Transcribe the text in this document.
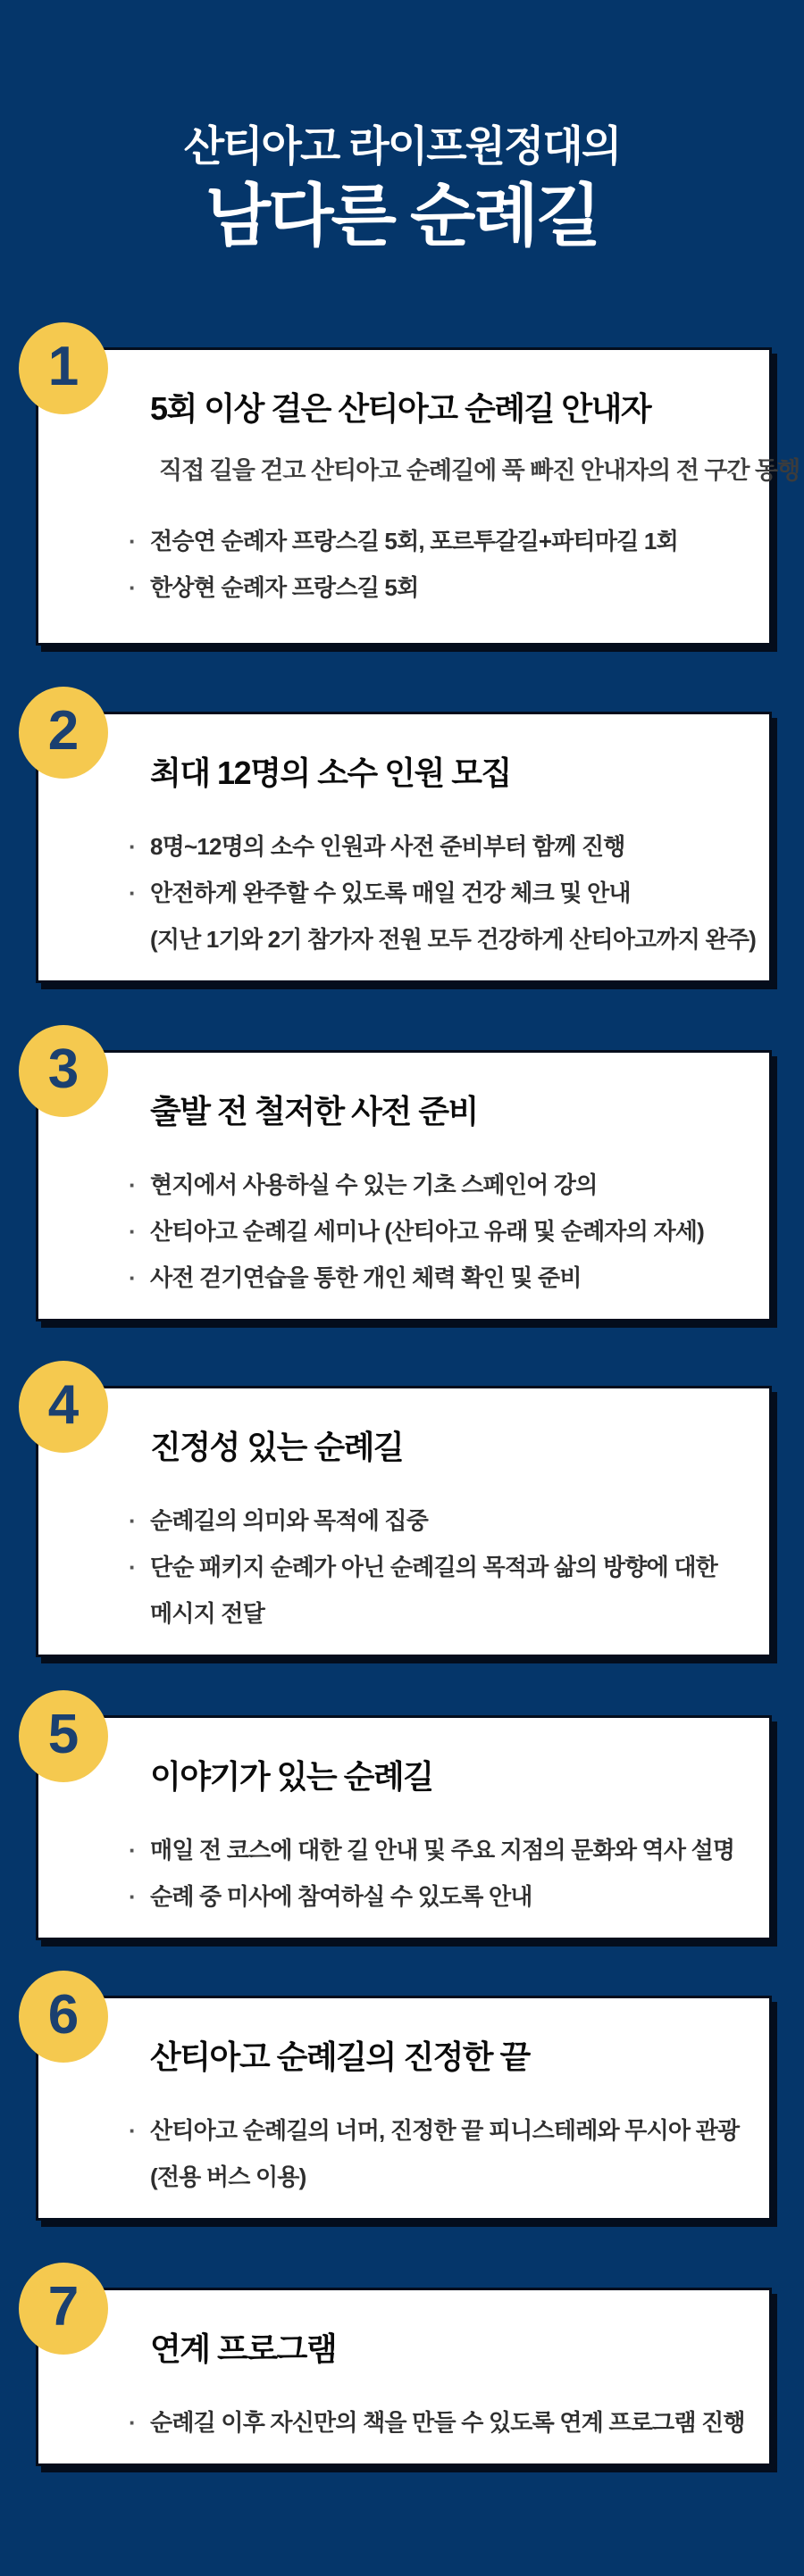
산티아고 라이프원정대의
남다른 순례길
1
5회 이상 걸은 산티아고 순례길 안내자

직접 길을 걷고 산티아고 순례길에 푹 빠진 안내자의 전 구간 동행

· 전승연 순례자 프랑스길 5회, 포르투갈길+파티마길 1회
· 한상현 순례자 프랑스길 5회
2
최대 12명의 소수 인원 모집
· 8명~12명의 소수 인원과 사전 준비부터 함께 진행
· 안전하게 완주할 수 있도록 매일 건강 체크 및 안내
(지난 1기와 2기 참가자 전원 모두 건강하게 산티아고까지 완주)
3
출발 전 철저한 사전 준비
· 현지에서 사용하실 수 있는 기초 스페인어 강의
· 산티아고 순례길 세미나 (산티아고 유래 및 순례자의 자세)
· 사전 걷기연습을 통한 개인 체력 확인 및 준비
4
진정성 있는 순례길
· 순례길의 의미와 목적에 집중
· 단순 패키지 순례가 아닌 순례길의 목적과 삶의 방향에 대한
메시지 전달
5
이야기가 있는 순례길
· 매일 전 코스에 대한 길 안내 및 주요 지점의 문화와 역사 설명
· 순례 중 미사에 참여하실 수 있도록 안내
6
산티아고 순례길의 진정한 끝
· 산티아고 순례길의 너머, 진정한 끝 피니스테레와 무시아 관광
(전용 버스 이용)
7
연계 프로그램
· 순례길 이후 자신만의 책을 만들 수 있도록 연계 프로그램 진행
